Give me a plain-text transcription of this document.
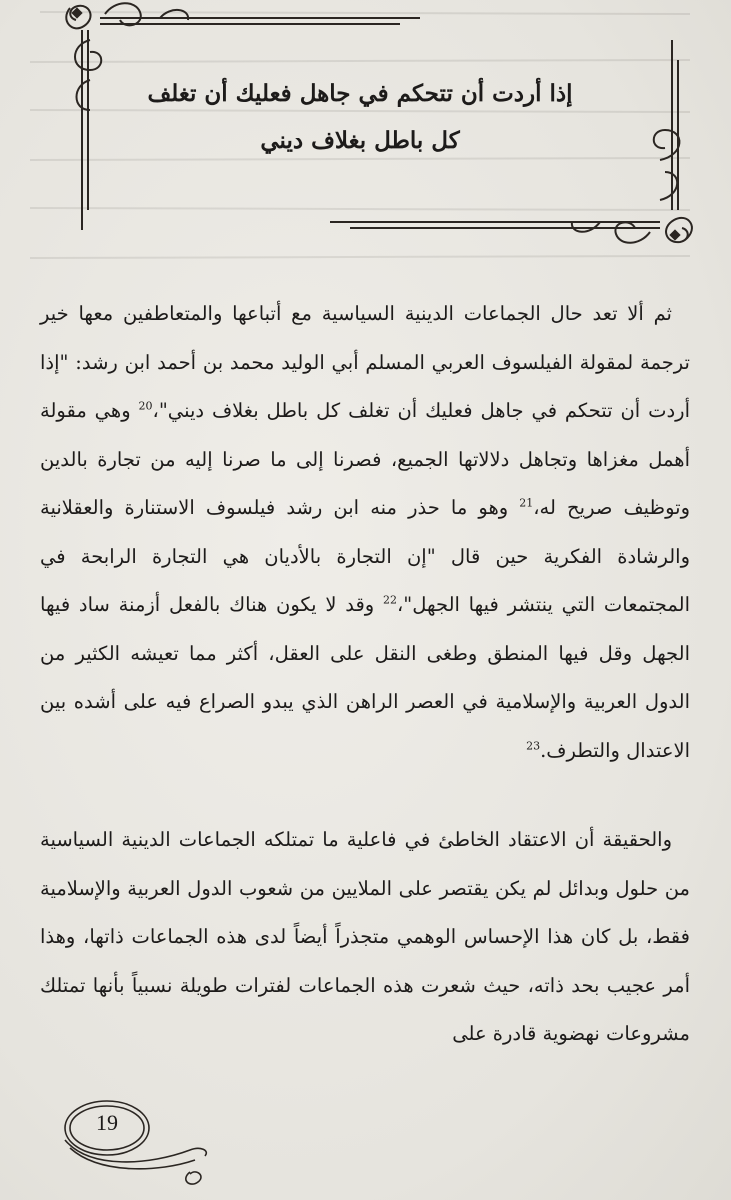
إذا أردت أن تتحكم في جاهل فعليك أن تغلف
كل باطل بغلاف ديني

ثم ألا تعد حال الجماعات الدينية السياسية مع أتباعها والمتعاطفين معها خير ترجمة لمقولة الفيلسوف العربي المسلم أبي الوليد محمد بن أحمد ابن رشد: "إذا أردت أن تتحكم في جاهل فعليك أن تغلف كل باطل بغلاف ديني"،$^{20}$ وهي مقولة أهمل مغزاها وتجاهل دلالاتها الجميع، فصرنا إلى ما صرنا إليه من تجارة بالدين وتوظيف صريح له،$^{21}$ وهو ما حذر منه ابن رشد فيلسوف الاستنارة والعقلانية والرشادة الفكرية حين قال "إن التجارة بالأديان هي التجارة الرابحة في المجتمعات التي ينتشر فيها الجهل"،$^{22}$ وقد لا يكون هناك بالفعل أزمنة ساد فيها الجهل وقل فيها المنطق وطغى النقل على العقل، أكثر مما تعيشه الكثير من الدول العربية والإسلامية في العصر الراهن الذي يبدو الصراع فيه على أشده بين الاعتدال والتطرف.$^{23}$

والحقيقة أن الاعتقاد الخاطئ في فاعلية ما تمتلكه الجماعات الدينية السياسية من حلول وبدائل لم يكن يقتصر على الملايين من شعوب الدول العربية والإسلامية فقط، بل كان هذا الإحساس الوهمي متجذراً أيضاً لدى هذه الجماعات ذاتها، وهذا أمر عجيب بحد ذاته، حيث شعرت هذه الجماعات لفترات طويلة نسبياً بأنها تمتلك مشروعات نهضوية قادرة على

19
